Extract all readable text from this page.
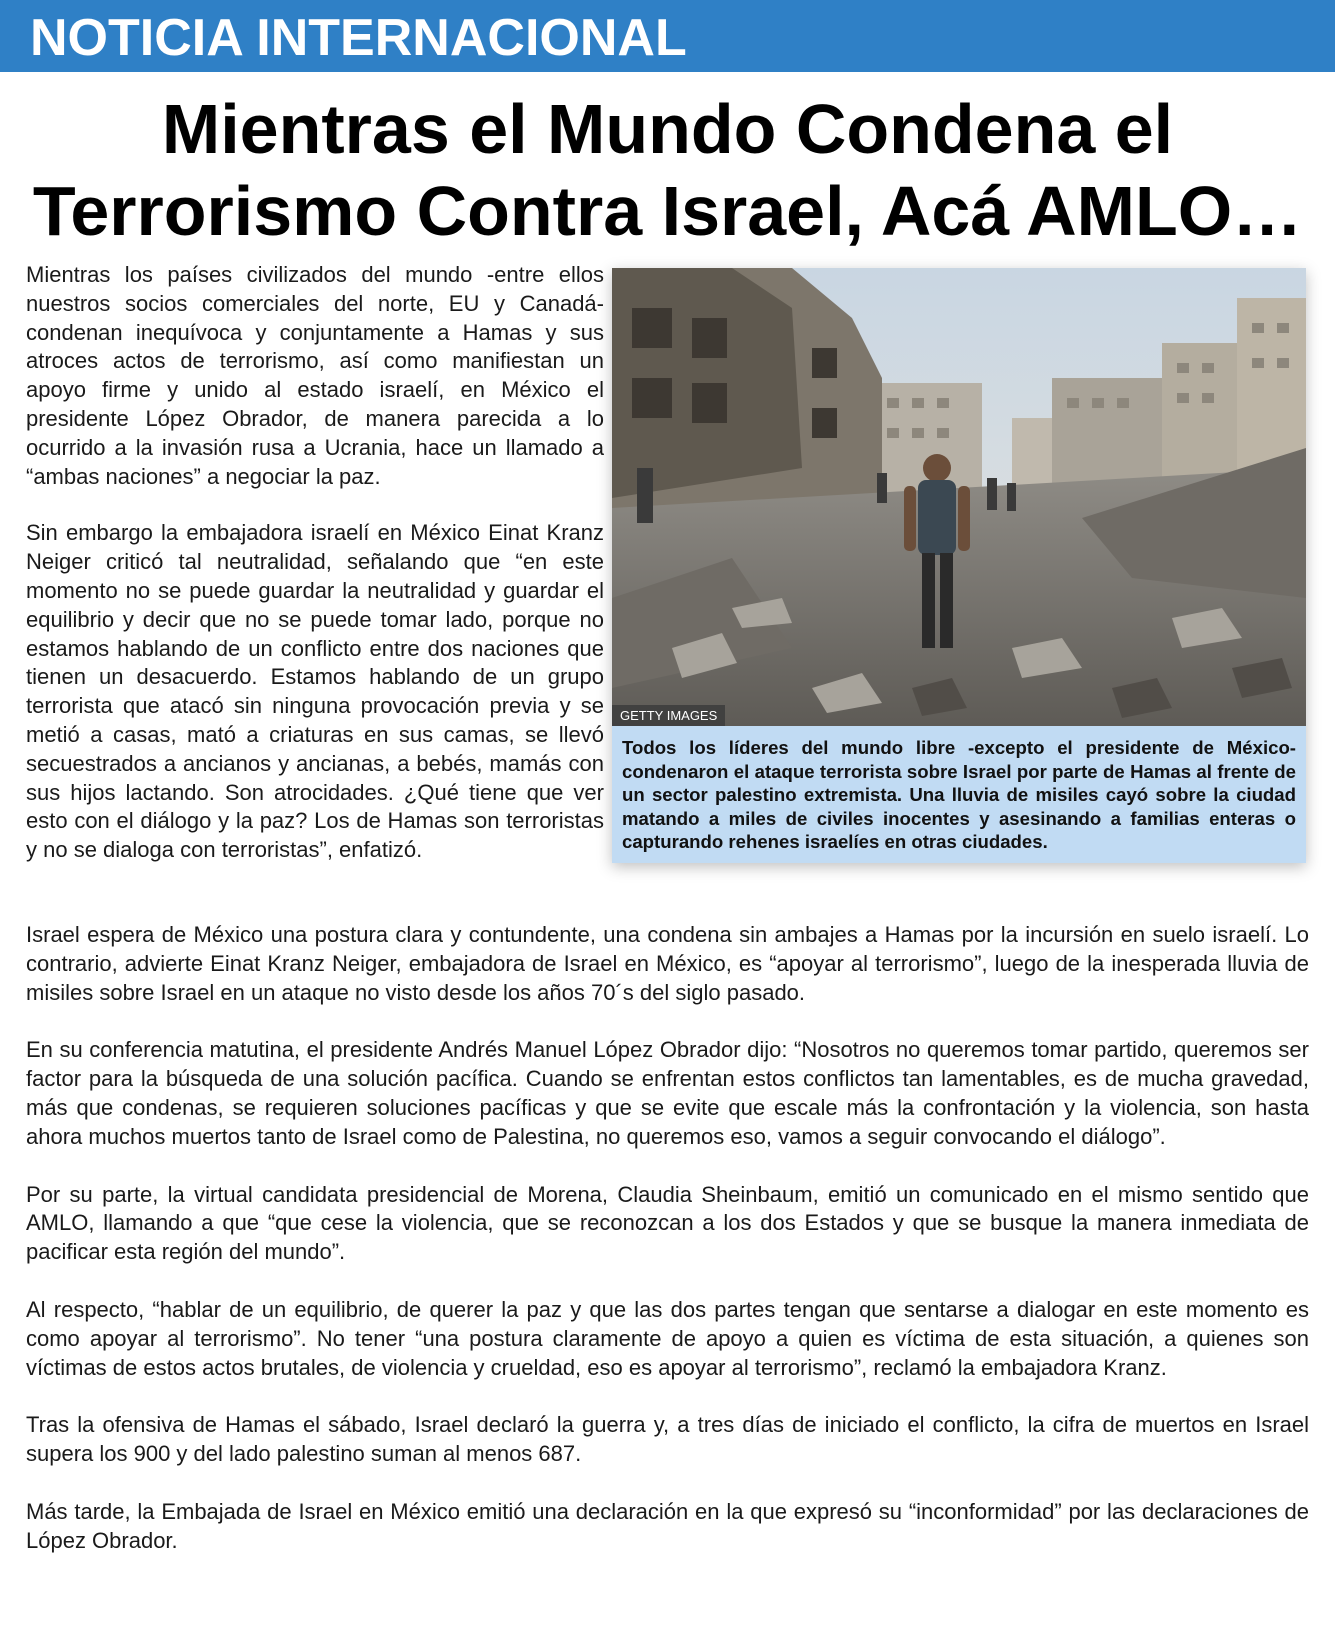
NOTICIA INTERNACIONAL
Mientras el Mundo Condena el Terrorismo Contra Israel, Acá AMLO…

Mientras los países civilizados del mundo -entre ellos nuestros socios comerciales del norte, EU y Canadá- condenan inequívoca y conjuntamente a Hamas y sus atroces actos de terrorismo, así como manifiestan un apoyo firme y unido al estado israelí, en México el presidente López Obrador, de manera parecida a lo ocurrido a la invasión rusa a Ucrania, hace un llamado a “ambas naciones” a negociar la paz.

Sin embargo la embajadora israelí en México Einat Kranz Neiger criticó tal neutralidad, señalando que “en este momento no se puede guardar la neutralidad y guardar el equilibrio y decir que no se puede tomar lado, porque no estamos hablando de un conflicto entre dos naciones que tienen un desacuerdo. Estamos hablando de un grupo terrorista que atacó sin ninguna provocación previa y se metió a casas, mató a criaturas en sus camas, se llevó secuestrados a ancianos y ancianas, a bebés, mamás con sus hijos lactando. Son atrocidades. ¿Qué tiene que ver esto con el diálogo y la paz? Los de Hamas son terroristas y no se dialoga con terroristas”, enfatizó.

GETTY IMAGES
Todos los líderes del mundo libre -excepto el presidente de México- condenaron el ataque terrorista sobre Israel por parte de Hamas al frente de un sector palestino extremista. Una lluvia de misiles cayó sobre la ciudad matando a miles de civiles inocentes y asesinando a familias enteras o capturando rehenes israelíes en otras ciudades.

Israel espera de México una postura clara y contundente, una condena sin ambajes a Hamas por la incursión en suelo israelí. Lo contrario, advierte Einat Kranz Neiger, embajadora de Israel en México, es “apoyar al terrorismo”, luego de la inesperada lluvia de misiles sobre Israel en un ataque no visto desde los años 70´s del siglo pasado.

En su conferencia matutina, el presidente Andrés Manuel López Obrador dijo: “Nosotros no queremos tomar partido, queremos ser factor para la búsqueda de una solución pacífica. Cuando se enfrentan estos conflictos tan lamentables, es de mucha gravedad, más que condenas, se requieren soluciones pacíficas y que se evite que escale más la confrontación y la violencia, son hasta ahora muchos muertos tanto de Israel como de Palestina, no queremos eso, vamos a seguir convocando el diálogo”.

Por su parte, la virtual candidata presidencial de Morena, Claudia Sheinbaum, emitió un comunicado en el mismo sentido que AMLO, llamando a que “que cese la violencia, que se reconozcan a los dos Estados y que se busque la manera inmediata de pacificar esta región del mundo”.

Al respecto, “hablar de un equilibrio, de querer la paz y que las dos partes tengan que sentarse a dialogar en este momento es como apoyar al terrorismo”. No tener “una postura claramente de apoyo a quien es víctima de esta situación, a quienes son víctimas de estos actos brutales, de violencia y crueldad, eso es apoyar al terrorismo”, reclamó la embajadora Kranz.

Tras la ofensiva de Hamas el sábado, Israel declaró la guerra y, a tres días de iniciado el conflicto, la cifra de muertos en Israel supera los 900 y del lado palestino suman al menos 687.

Más tarde, la Embajada de Israel en México emitió una declaración en la que expresó su “inconformidad” por las declaraciones de López Obrador.
